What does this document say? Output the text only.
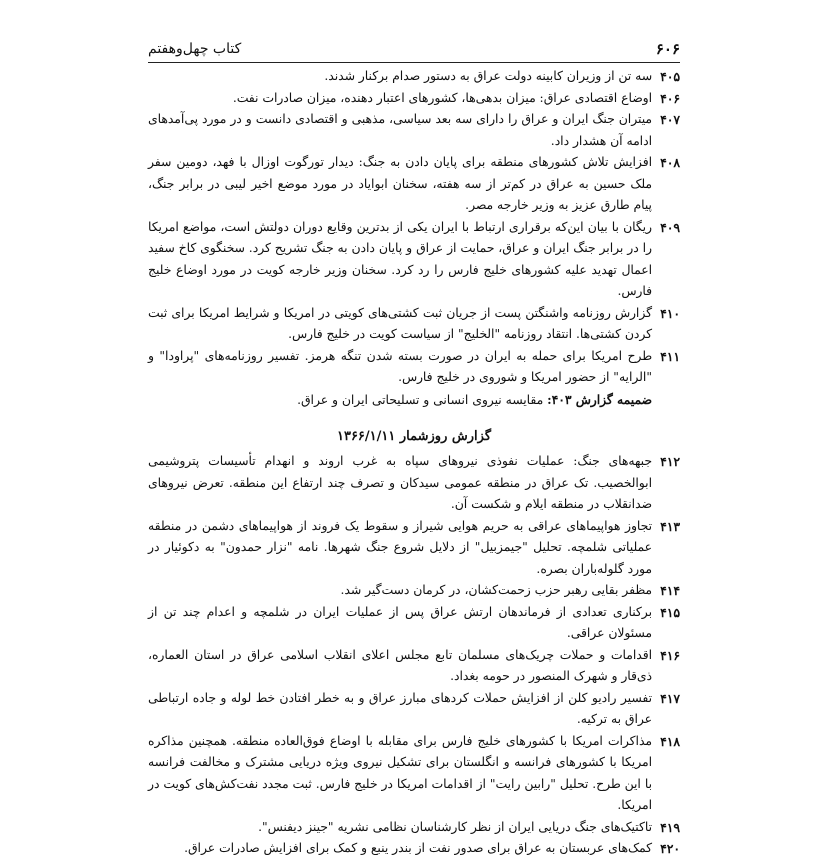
۶۰۶
کتاب چهل‌وهفتم
۴۰۵
سه تن از وزیران کابینه دولت عراق به دستور صدام برکنار شدند.
۴۰۶
اوضاع اقتصادی عراق: میزان بدهی‌ها، کشورهای اعتبار دهنده، میزان صادرات نفت.
۴۰۷
میتران جنگ ایران و عراق را دارای سه بعد سیاسی، مذهبی و اقتصادی دانست و در مورد پی‌آمدهای ادامه آن هشدار داد.
۴۰۸
افزایش تلاش کشورهای منطقه برای پایان دادن به جنگ: دیدار تورگوت اوزال با فهد، دومین سفر ملک حسین به عراق در کم‌تر از سه هفته، سخنان ابوایاد در مورد موضع اخیر لیبی در برابر جنگ، پیام طارق عزیز به وزیر خارجه مصر.
۴۰۹
ریگان با بیان این‌که برقراری ارتباط با ایران یکی از بدترین وقایع دوران دولتش است، مواضع امریکا را در برابر جنگ ایران و عراق، حمایت از عراق و پایان دادن به جنگ تشریح کرد. سخنگوی کاخ سفید اعمال تهدید علیه کشورهای خلیج فارس را رد کرد. سخنان وزیر خارجه کویت در مورد اوضاع خلیج فارس.
۴۱۰
گزارش روزنامه واشنگتن پست از جریان ثبت کشتی‌های کویتی در امریکا و شرایط امریکا برای ثبت کردن کشتی‌ها. انتقاد روزنامه "الخلیج" از سیاست کویت در خلیج فارس.
۴۱۱
طرح امریکا برای حمله به ایران در صورت بسته شدن تنگه هرمز. تفسیر روزنامه‌های "پراودا" و "الرایه" از حضور امریکا و شوروی در خلیج فارس.
ضمیمه گزارش ۴۰۳: مقایسه نیروی انسانی و تسلیحاتی ایران و عراق.
گزارش روزشمار ۱۳۶۶/۱/۱۱
۴۱۲
جبهه‌های جنگ: عملیات نفوذی نیروهای سپاه به غرب اروند و انهدام تأسیسات پتروشیمی ابوالخصیب. تک عراق در منطقه عمومی سیدکان و تصرف چند ارتفاع این منطقه. تعرض نیروهای ضدانقلاب در منطقه ایلام و شکست آن.
۴۱۳
تجاوز هواپیماهای عراقی به حریم هوایی شیراز و سقوط یک فروند از هواپیماهای دشمن در منطقه عملیاتی شلمچه. تحلیل "جیمزبیل" از دلایل شروع جنگ شهرها. نامه "نزار حمدون" به دکوئیار در مورد گلوله‌باران بصره.
۴۱۴
مظفر بقایی رهبر حزب زحمت‌کشان، در کرمان دست‌گیر شد.
۴۱۵
برکناری تعدادی از فرماندهان ارتش عراق پس از عملیات ایران در شلمچه و اعدام چند تن از مسئولان عراقی.
۴۱۶
اقدامات و حملات چریک‌های مسلمان تابع مجلس اعلای انقلاب اسلامی عراق در استان العماره، ذی‌قار و شهرک المنصور در حومه بغداد.
۴۱۷
تفسیر رادیو کلن از افزایش حملات کردهای مبارز عراق و به خطر افتادن خط لوله و جاده ارتباطی عراق به ترکیه.
۴۱۸
مذاکرات امریکا با کشورهای خلیج فارس برای مقابله با اوضاع فوق‌العاده منطقه. همچنین مذاکره امریکا با کشورهای فرانسه و انگلستان برای تشکیل نیروی ویژه دریایی مشترک و مخالفت فرانسه با این طرح. تحلیل "رابین رایت" از اقدامات امریکا در خلیج فارس. ثبت مجدد نفت‌کش‌های کویت در امریکا.
۴۱۹
تاکتیک‌های جنگ دریایی ایران از نظر کارشناسان نظامی نشریه "جینز دیفنس".
۴۲۰
کمک‌های عربستان به عراق برای صدور نفت از بندر ینبع و کمک برای افزایش صادرات عراق.
